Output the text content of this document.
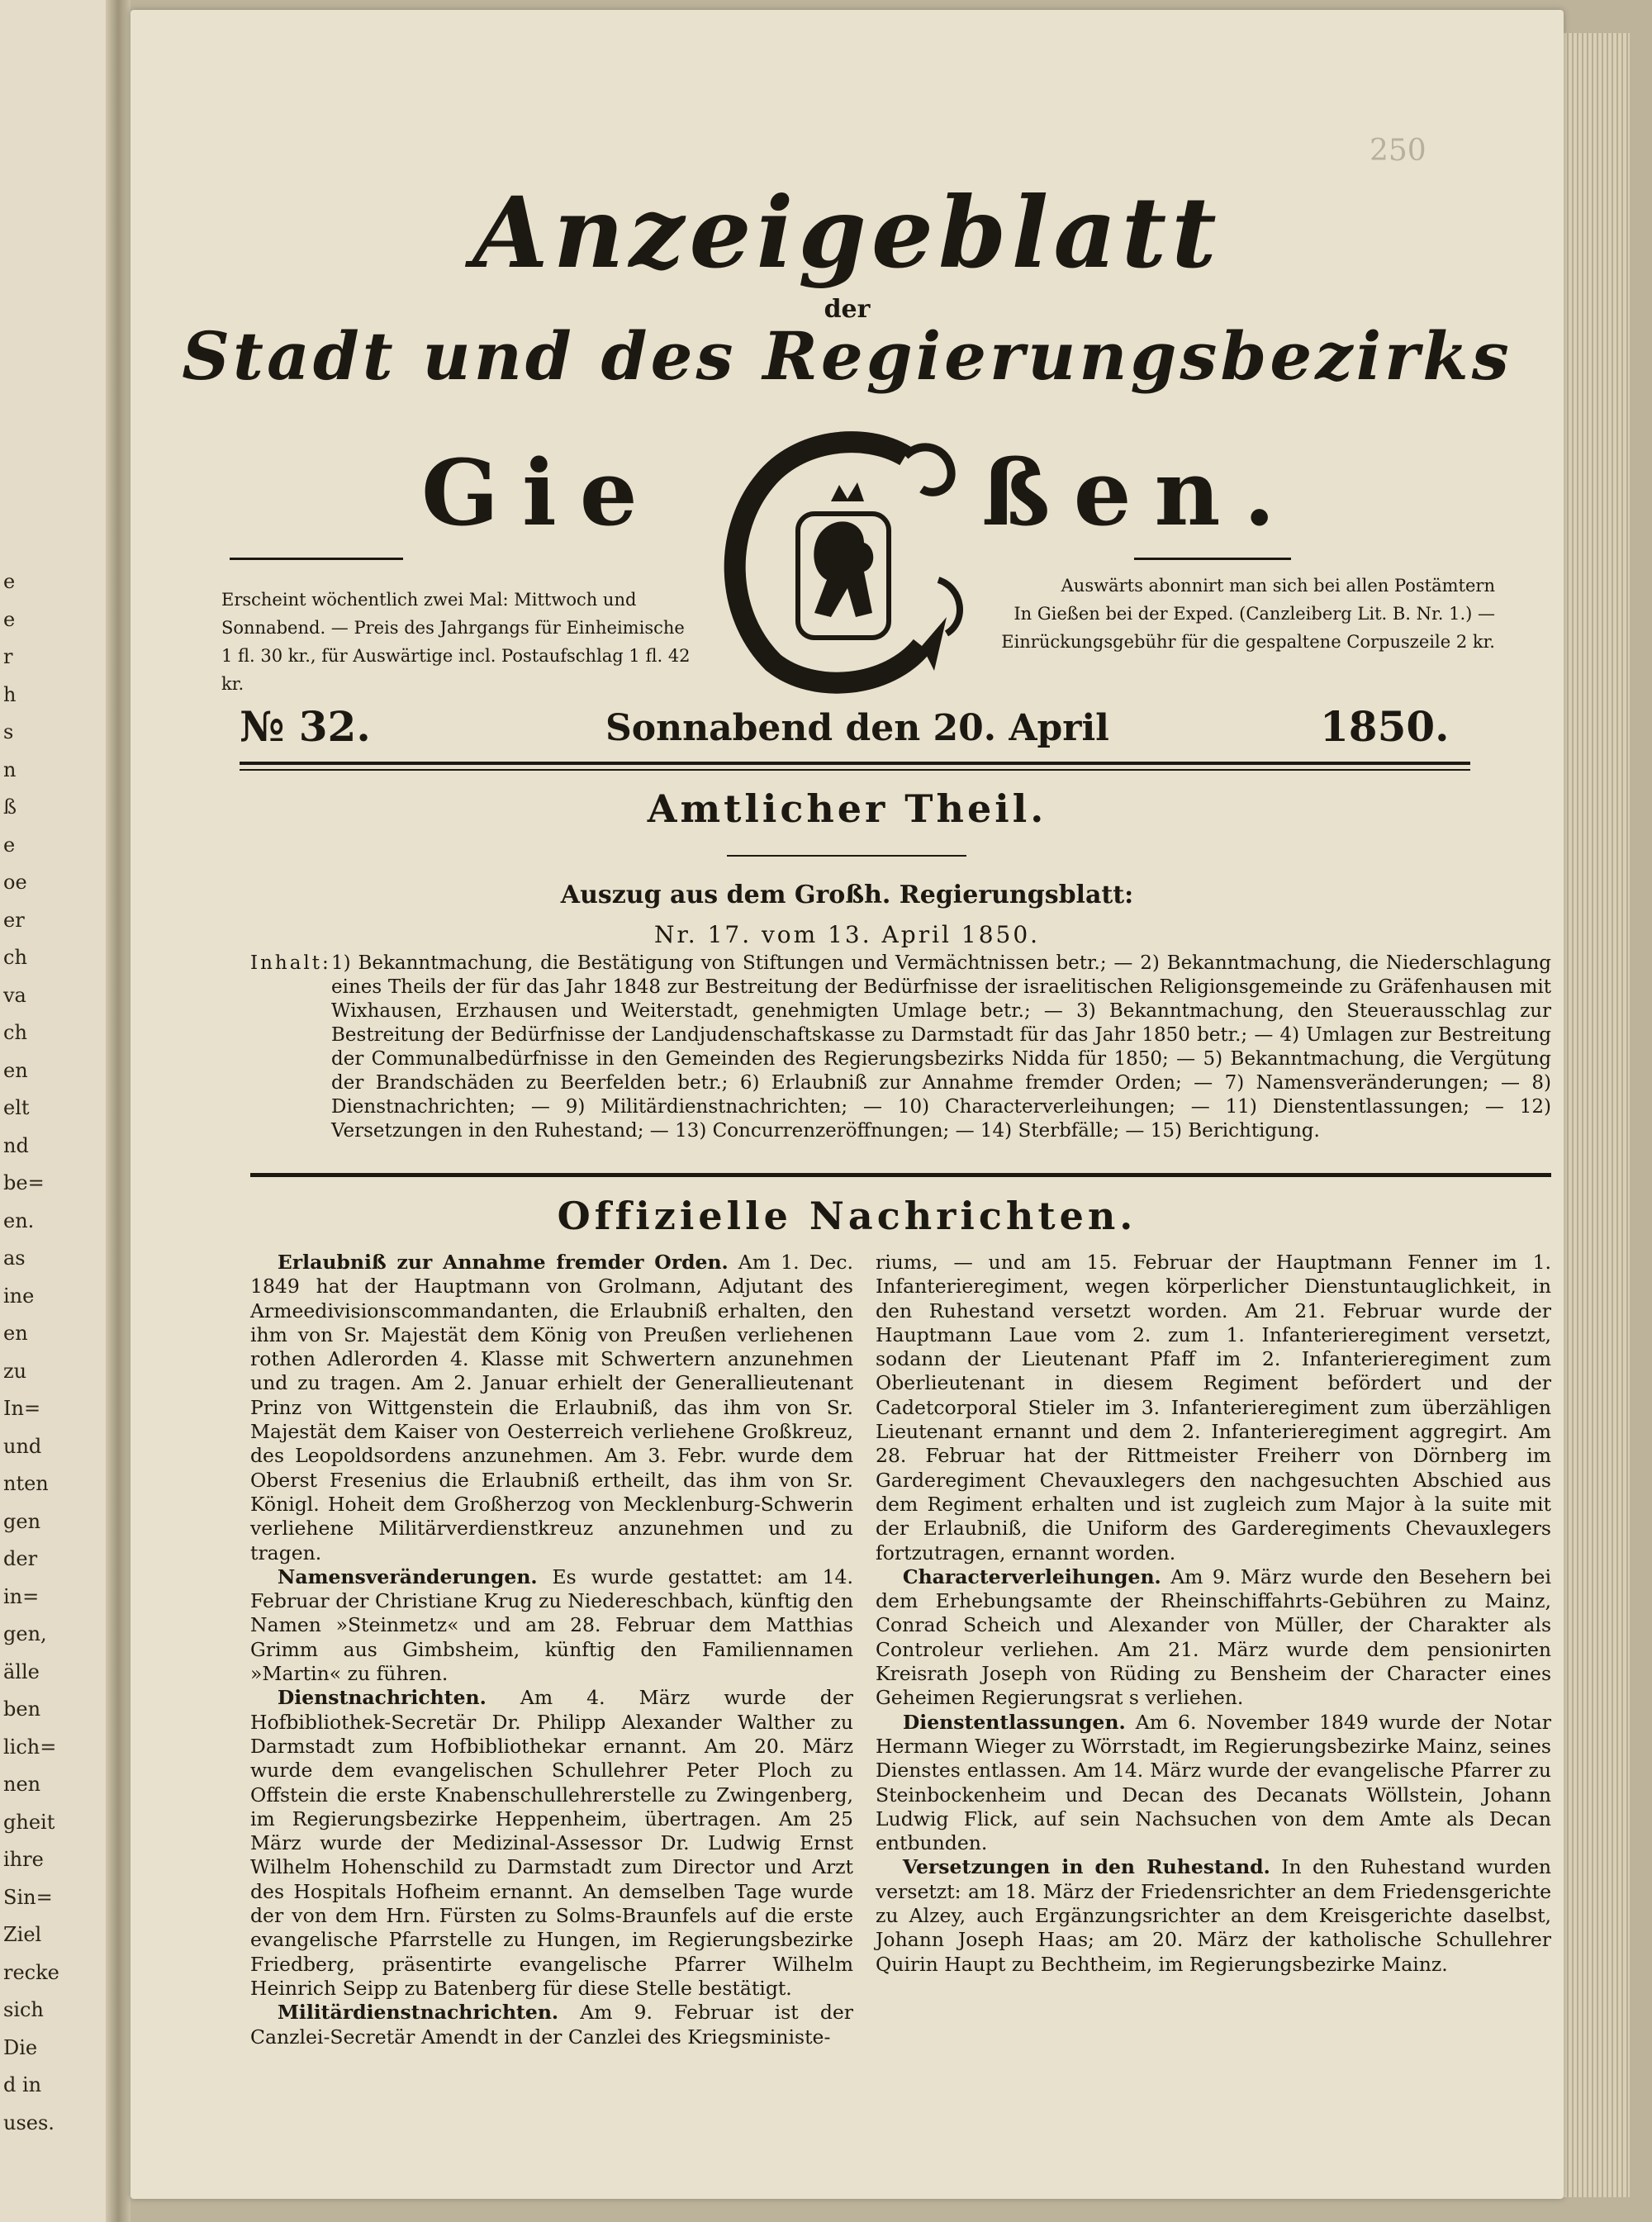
e
e
r
h
s
n
ß
e
oe
er
ch
va
ch
en
elt
nd
be=
en.
as
ine
en
zu
In=
und
nten
gen
der
in=
gen,
älle
ben
lich=
nen
gheit
ihre
Sin=
Ziel
recke
sich
Die
d in
uses.
250
Anzeigeblatt
der
Stadt und des Regierungsbezirks
Gie	ßen.
Erscheint wöchentlich zwei Mal: Mittwoch und
Sonnabend. — Preis des Jahrgangs für Einheimische
1 fl. 30 kr., für Auswärtige incl. Postaufschlag 1 fl. 42 kr.
Auswärts abonnirt man sich bei allen Postämtern
In Gießen bei der Exped. (Canzleiberg Lit. B. Nr. 1.) —
Einrückungsgebühr für die gespaltene Corpuszeile 2 kr.
№ 32.	Sonnabend den 20. April	1850.
Amtlicher Theil.
Auszug aus dem Großh. Regierungsblatt:
Nr. 17. vom 13. April 1850.
Inhalt: 1) Bekanntmachung, die Bestätigung von Stiftungen und Vermächtnissen betr.; — 2) Bekanntmachung, die Niederschlagung eines Theils der für das Jahr 1848 zur Bestreitung der Bedürfnisse der israelitischen Religionsgemeinde zu Gräfenhausen mit Wixhausen, Erzhausen und Weiterstadt, genehmigten Umlage betr.; — 3) Bekanntmachung, den Steuerausschlag zur Bestreitung der Bedürfnisse der Landjudenschaftskasse zu Darmstadt für das Jahr 1850 betr.; — 4) Umlagen zur Bestreitung der Communalbedürfnisse in den Gemeinden des Regierungsbezirks Nidda für 1850; — 5) Bekanntmachung, die Vergütung der Brandschäden zu Beerfelden betr.; 6) Erlaubniß zur Annahme fremder Orden; — 7) Namensveränderungen; — 8) Dienstnachrichten; — 9) Militärdienstnachrichten; — 10) Characterverleihungen; — 11) Dienstentlassungen; — 12) Versetzungen in den Ruhestand; — 13) Concurrenzeröffnungen; — 14) Sterbfälle; — 15) Berichtigung.
Offizielle Nachrichten.

Erlaubniß zur Annahme fremder Orden. Am 1. Dec. 1849 hat der Hauptmann von Grolmann, Adjutant des Armeedivisionscommandanten, die Erlaubniß erhalten, den ihm von Sr. Majestät dem König von Preußen verliehenen rothen Adlerorden 4. Klasse mit Schwertern anzunehmen und zu tragen. Am 2. Januar erhielt der Generallieutenant Prinz von Wittgenstein die Erlaubniß, das ihm von Sr. Majestät dem Kaiser von Oesterreich verliehene Großkreuz, des Leopoldsordens anzunehmen. Am 3. Febr. wurde dem Oberst Fresenius die Erlaubniß ertheilt, das ihm von Sr. Königl. Hoheit dem Großherzog von Mecklenburg-Schwerin verliehene Militärverdienstkreuz anzunehmen und zu tragen.

Namensveränderungen. Es wurde gestattet: am 14. Februar der Christiane Krug zu Niedereschbach, künftig den Namen »Steinmetz« und am 28. Februar dem Matthias Grimm aus Gimbsheim, künftig den Familiennamen »Martin« zu führen.

Dienstnachrichten. Am 4. März wurde der Hofbibliothek-Secretär Dr. Philipp Alexander Walther zu Darmstadt zum Hofbibliothekar ernannt. Am 20. März wurde dem evangelischen Schullehrer Peter Ploch zu Offstein die erste Knabenschullehrerstelle zu Zwingenberg, im Regierungsbezirke Heppenheim, übertragen. Am 25 März wurde der Medizinal-Assessor Dr. Ludwig Ernst Wilhelm Hohenschild zu Darmstadt zum Director und Arzt des Hospitals Hofheim ernannt. An demselben Tage wurde der von dem Hrn. Fürsten zu Solms-Braunfels auf die erste evangelische Pfarrstelle zu Hungen, im Regierungsbezirke Friedberg, präsentirte evangelische Pfarrer Wilhelm Heinrich Seipp zu Batenberg für diese Stelle bestätigt.

Militärdienstnachrichten. Am 9. Februar ist der Canzlei-Secretär Amendt in der Canzlei des Kriegsministe-

riums, — und am 15. Februar der Hauptmann Fenner im 1. Infanterieregiment, wegen körperlicher Dienstuntauglichkeit, in den Ruhestand versetzt worden. Am 21. Februar wurde der Hauptmann Laue vom 2. zum 1. Infanterieregiment versetzt, sodann der Lieutenant Pfaff im 2. Infanterieregiment zum Oberlieutenant in diesem Regiment befördert und der Cadetcorporal Stieler im 3. Infanterieregiment zum überzähligen Lieutenant ernannt und dem 2. Infanterieregiment aggregirt. Am 28. Februar hat der Rittmeister Freiherr von Dörnberg im Garderegiment Chevauxlegers den nachgesuchten Abschied aus dem Regiment erhalten und ist zugleich zum Major à la suite mit der Erlaubniß, die Uniform des Garderegiments Chevauxlegers fortzutragen, ernannt worden.

Characterverleihungen. Am 9. März wurde den Besehern bei dem Erhebungsamte der Rheinschiffahrts-Gebühren zu Mainz, Conrad Scheich und Alexander von Müller, der Charakter als Controleur verliehen. Am 21. März wurde dem pensionirten Kreisrath Joseph von Rüding zu Bensheim der Character eines Geheimen Regierungsrat s verliehen.

Dienstentlassungen. Am 6. November 1849 wurde der Notar Hermann Wieger zu Wörrstadt, im Regierungsbezirke Mainz, seines Dienstes entlassen. Am 14. März wurde der evangelische Pfarrer zu Steinbockenheim und Decan des Decanats Wöllstein, Johann Ludwig Flick, auf sein Nachsuchen von dem Amte als Decan entbunden.

Versetzungen in den Ruhestand. In den Ruhestand wurden versetzt: am 18. März der Friedensrichter an dem Friedensgerichte zu Alzey, auch Ergänzungsrichter an dem Kreisgerichte daselbst, Johann Joseph Haas; am 20. März der katholische Schullehrer Quirin Haupt zu Bechtheim, im Regierungsbezirke Mainz.
